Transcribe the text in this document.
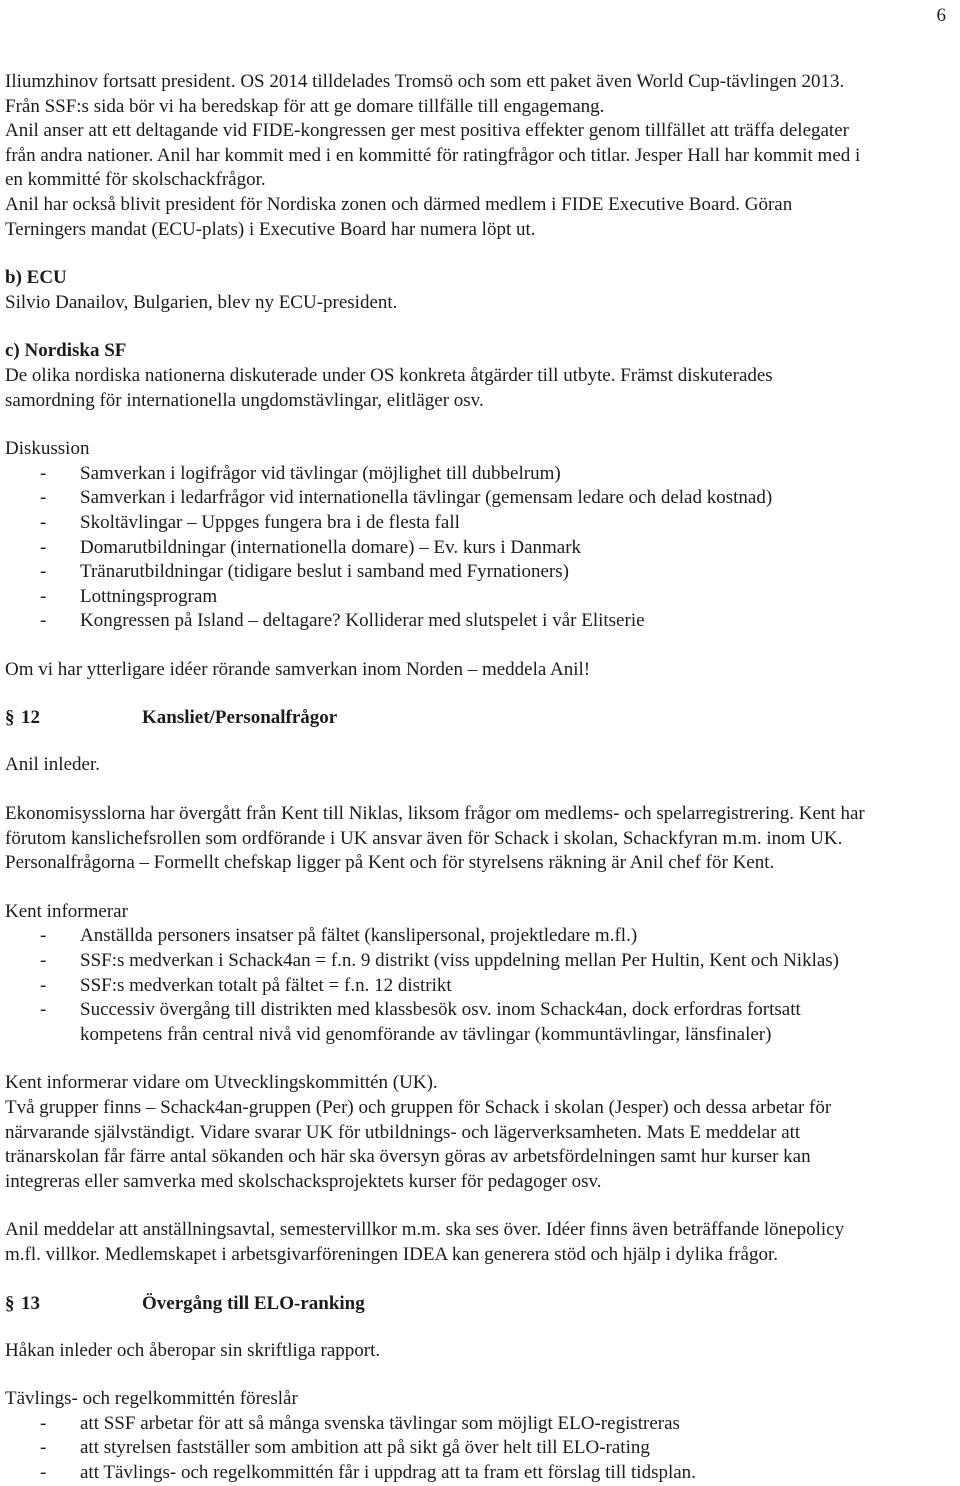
6

Iliumzhinov fortsatt president. OS 2014 tilldelades Tromsö och som ett paket även World Cup-tävlingen 2013.

Från SSF:s sida bör vi ha beredskap för att ge domare tillfälle till engagemang.

Anil anser att ett deltagande vid FIDE-kongressen ger mest positiva effekter genom tillfället att träffa delegater

från andra nationer. Anil har kommit med i en kommitté för ratingfrågor och titlar. Jesper Hall har kommit med i

en kommitté för skolschackfrågor.

Anil har också blivit president för Nordiska zonen och därmed medlem i FIDE Executive Board. Göran

Terningers mandat (ECU-plats) i Executive Board har numera löpt ut.

b) ECU

Silvio Danailov, Bulgarien, blev ny ECU-president.

c) Nordiska SF

De olika nordiska nationerna diskuterade under OS konkreta åtgärder till utbyte. Främst diskuterades

samordning för internationella ungdomstävlingar, elitläger osv.

Diskussion

- Samverkan i logifrågor vid tävlingar (möjlighet till dubbelrum)
- Samverkan i ledarfrågor vid internationella tävlingar (gemensam ledare och delad kostnad)
- Skoltävlingar – Uppges fungera bra i de flesta fall
- Domarutbildningar (internationella domare) – Ev. kurs i Danmark
- Tränarutbildningar (tidigare beslut i samband med Fyrnationers)
- Lottningsprogram
- Kongressen på Island – deltagare? Kolliderar med slutspelet i vår Elitserie

Om vi har ytterligare idéer rörande samverkan inom Norden – meddela Anil!

§ 12	Kansliet/Personalfrågor

Anil inleder.

Ekonomisysslorna har övergått från Kent till Niklas, liksom frågor om medlems- och spelarregistrering. Kent har

förutom kanslichefsrollen som ordförande i UK ansvar även för Schack i skolan, Schackfyran m.m. inom UK.

Personalfrågorna – Formellt chefskap ligger på Kent och för styrelsens räkning är Anil chef för Kent.

Kent informerar

- Anställda personers insatser på fältet (kanslipersonal, projektledare m.fl.)
- SSF:s medverkan i Schack4an = f.n. 9 distrikt (viss uppdelning mellan Per Hultin, Kent och Niklas)
- SSF:s medverkan totalt på fältet = f.n. 12 distrikt
- Successiv övergång till distrikten med klassbesök osv. inom Schack4an, dock erfordras fortsatt
kompetens från central nivå vid genomförande av tävlingar (kommuntävlingar, länsfinaler)

Kent informerar vidare om Utvecklingskommittén (UK).

Två grupper finns – Schack4an-gruppen (Per) och gruppen för Schack i skolan (Jesper) och dessa arbetar för

närvarande självständigt. Vidare svarar UK för utbildnings- och lägerverksamheten. Mats E meddelar att

tränarskolan får färre antal sökanden och här ska översyn göras av arbetsfördelningen samt hur kurser kan

integreras eller samverka med skolschacksprojektets kurser för pedagoger osv.

Anil meddelar att anställningsavtal, semestervillkor m.m. ska ses över. Idéer finns även beträffande lönepolicy

m.fl. villkor. Medlemskapet i arbetsgivarföreningen IDEA kan generera stöd och hjälp i dylika frågor.

§ 13	Övergång till ELO-ranking

Håkan inleder och åberopar sin skriftliga rapport.

Tävlings- och regelkommittén föreslår

- att SSF arbetar för att så många svenska tävlingar som möjligt ELO-registreras
- att styrelsen fastställer som ambition att på sikt gå över helt till ELO-rating
- att Tävlings- och regelkommittén får i uppdrag att ta fram ett förslag till tidsplan.
